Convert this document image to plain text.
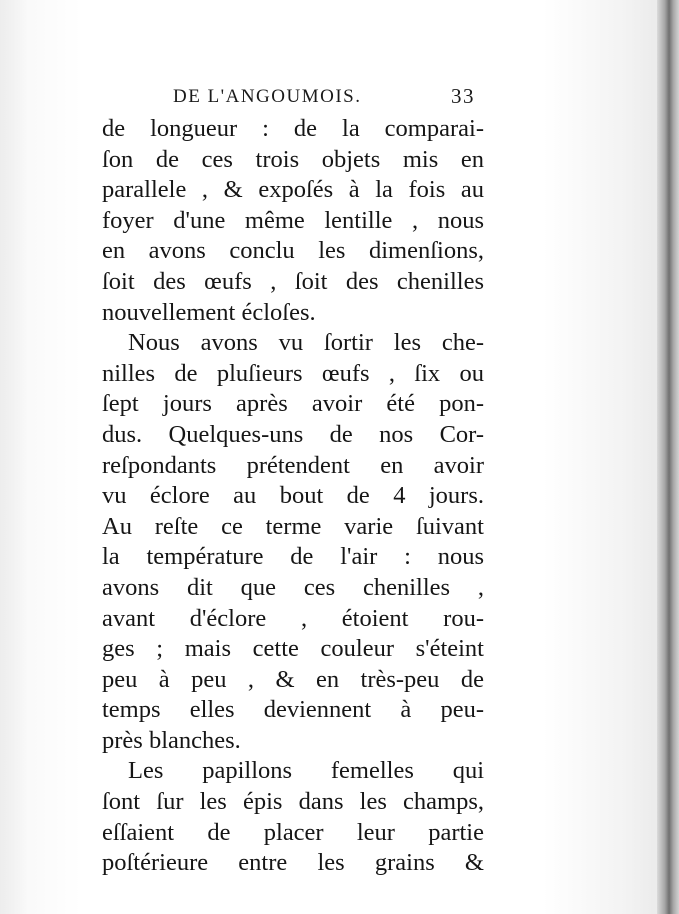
DE L'ANGOUMOIS.	33
de longueur : de la comparai-
ſon de ces trois objets mis en
parallele , & expoſés à la fois au
foyer d'une même lentille , nous
en avons conclu les dimenſions,
ſoit des œufs , ſoit des chenilles
nouvellement écloſes.
Nous avons vu ſortir les che-
nilles de pluſieurs œufs , ſix ou
ſept jours après avoir été pon-
dus. Quelques-uns de nos Cor-
reſpondants prétendent en avoir
vu éclore au bout de 4 jours.
Au reſte ce terme varie ſuivant
la température de l'air : nous
avons dit que ces chenilles ,
avant d'éclore , étoient rou-
ges ; mais cette couleur s'éteint
peu à peu , & en très-peu de
temps elles deviennent à peu-
près blanches.
Les papillons femelles qui
ſont ſur les épis dans les champs,
eſſaient de placer leur partie
poſtérieure entre les grains &
